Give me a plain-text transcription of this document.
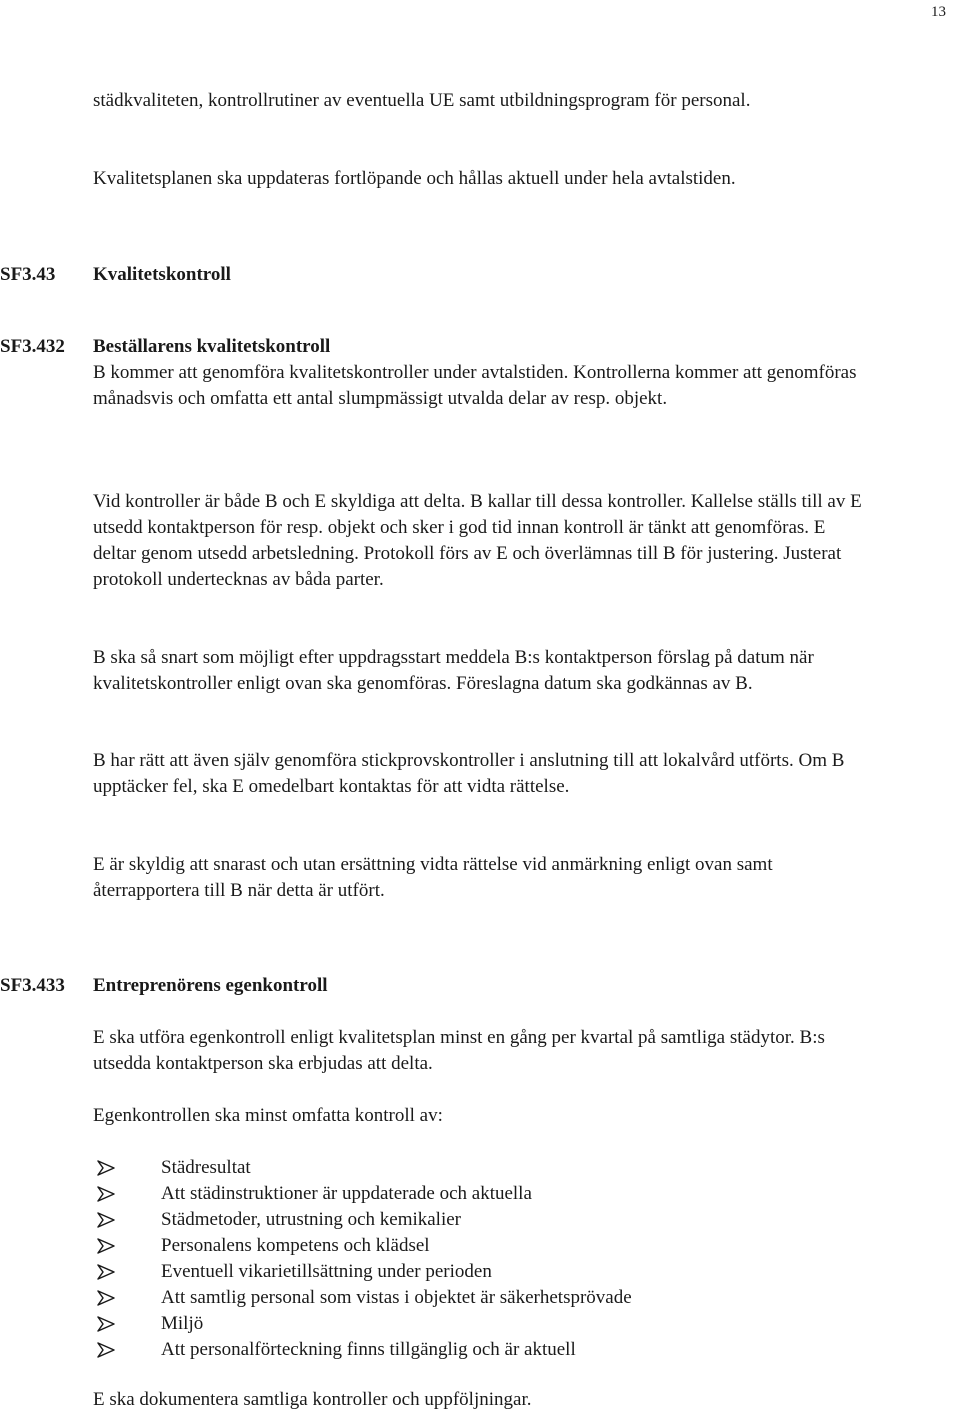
13

städkvaliteten, kontrollrutiner av eventuella UE samt utbildningsprogram för personal.

Kvalitetsplanen ska uppdateras fortlöpande och hållas aktuell under hela avtalstiden.

SF3.43 Kvalitetskontroll
SF3.432 Beställarens kvalitetskontroll

B kommer att genomföra kvalitetskontroller under avtalstiden. Kontrollerna kommer att genomföras månadsvis och omfatta ett antal slumpmässigt utvalda delar av resp. objekt.

Vid kontroller är både B och E skyldiga att delta. B kallar till dessa kontroller. Kallelse ställs till av E utsedd kontaktperson för resp. objekt och sker i god tid innan kontroll är tänkt att genomföras. E deltar genom utsedd arbetsledning. Protokoll förs av E och överlämnas till B för justering. Justerat protokoll undertecknas av båda parter.

B ska så snart som möjligt efter uppdragsstart meddela B:s kontaktperson förslag på datum när kvalitetskontroller enligt ovan ska genomföras. Föreslagna datum ska godkännas av B.

B har rätt att även själv genomföra stickprovskontroller i anslutning till att lokalvård utförts. Om B upptäcker fel, ska E omedelbart kontaktas för att vidta rättelse.

E är skyldig att snarast och utan ersättning vidta rättelse vid anmärkning enligt ovan samt återrapportera till B när detta är utfört.

SF3.433 Entreprenörens egenkontroll

E ska utföra egenkontroll enligt kvalitetsplan minst en gång per kvartal på samtliga städytor. B:s utsedda kontaktperson ska erbjudas att delta.

Egenkontrollen ska minst omfatta kontroll av:

Städresultat
Att städinstruktioner är uppdaterade och aktuella
Städmetoder, utrustning och kemikalier
Personalens kompetens och klädsel
Eventuell vikarietillsättning under perioden
Att samtlig personal som vistas i objektet är säkerhetsprövade
Miljö
Att personalförteckning finns tillgänglig och är aktuell

E ska dokumentera samtliga kontroller och uppföljningar.
